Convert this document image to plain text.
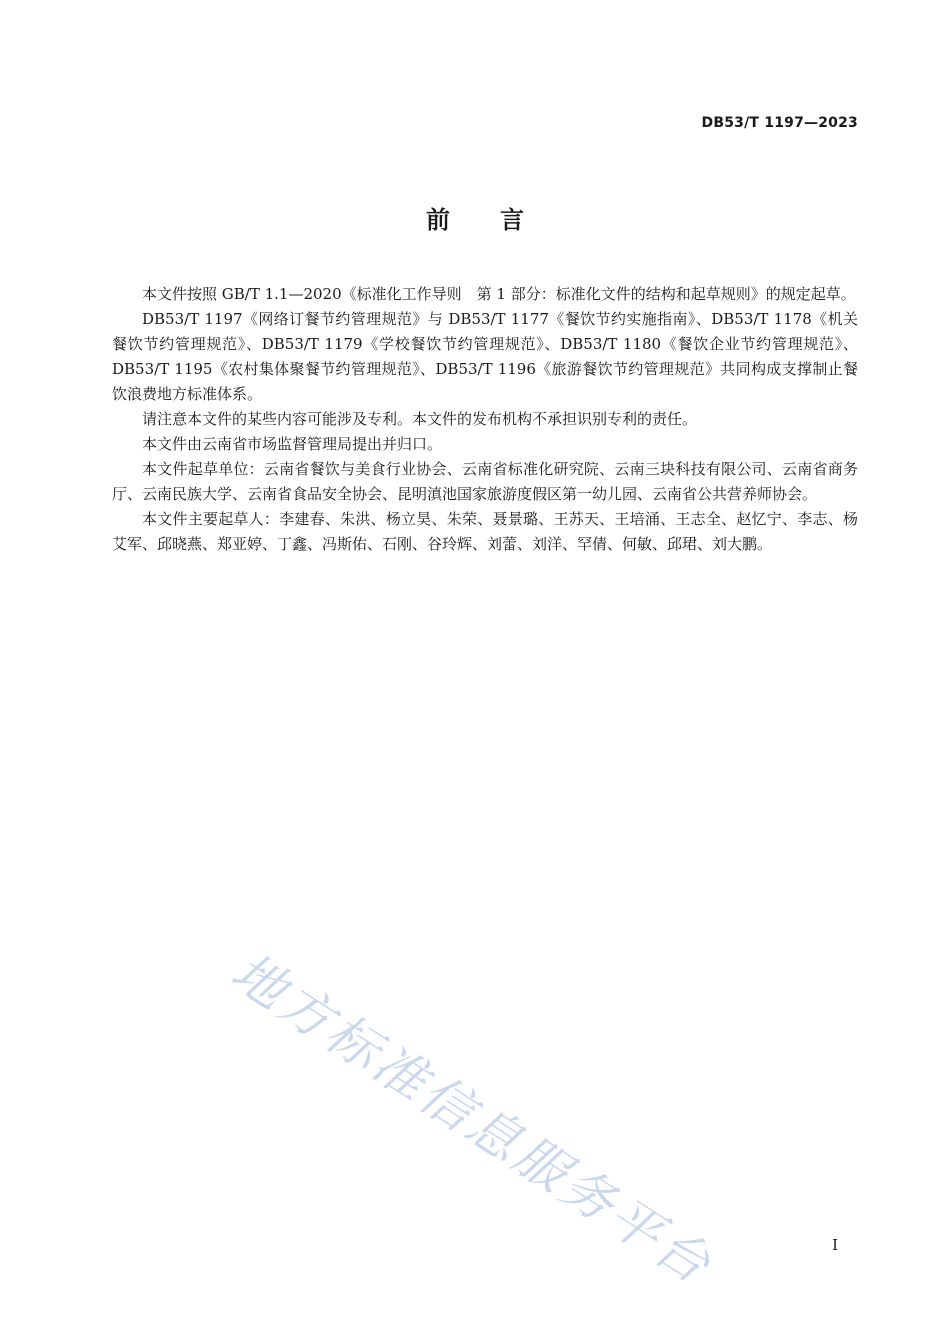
DB53/T 1197—2023
前 言

本文件按照 GB/T 1.1—2020《标准化工作导则　第 1 部分：标准化文件的结构和起草规则》的规定起草。

DB53/T 1197《网络订餐节约管理规范》与 DB53/T 1177《餐饮节约实施指南》、DB53/T 1178《机关餐饮节约管理规范》、DB53/T 1179《学校餐饮节约管理规范》、DB53/T 1180《餐饮企业节约管理规范》、DB53/T 1195《农村集体聚餐节约管理规范》、DB53/T 1196《旅游餐饮节约管理规范》共同构成支撑制止餐饮浪费地方标准体系。

请注意本文件的某些内容可能涉及专利。本文件的发布机构不承担识别专利的责任。

本文件由云南省市场监督管理局提出并归口。

本文件起草单位：云南省餐饮与美食行业协会、云南省标准化研究院、云南三块科技有限公司、云南省商务厅、云南民族大学、云南省食品安全协会、昆明滇池国家旅游度假区第一幼儿园、云南省公共营养师协会。

本文件主要起草人：李建春、朱洪、杨立昊、朱荣、聂景璐、王苏天、王培涌、王志全、赵忆宁、李志、杨艾军、邱晓燕、郑亚婷、丁鑫、冯斯佑、石刚、谷玲辉、刘蕾、刘洋、罕倩、何敏、邱珺、刘大鹏。

地方标准信息服务平台	I
